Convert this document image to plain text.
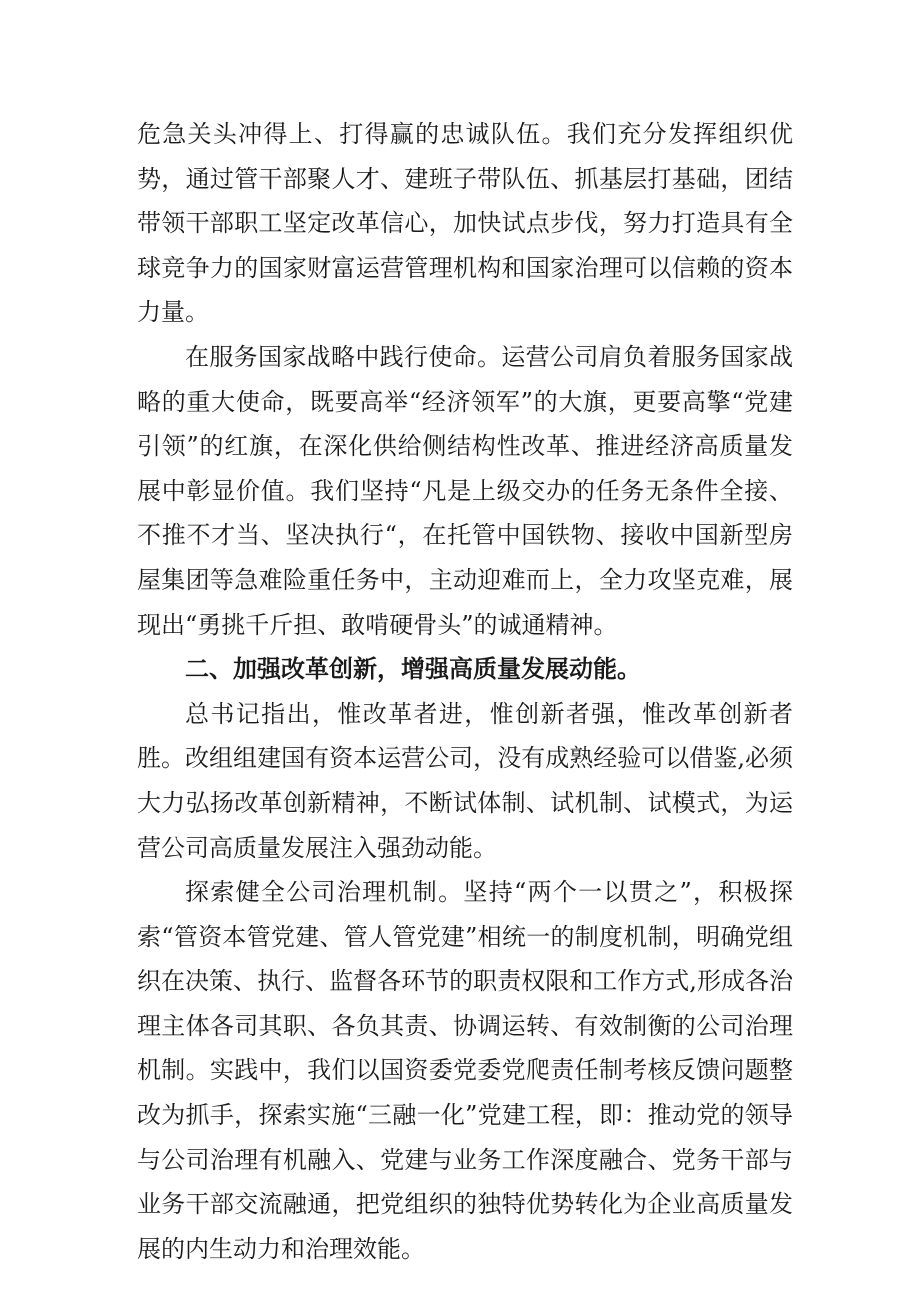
危急关头冲得上、打得赢的忠诚队伍。我们充分发挥组织优势，通过管干部聚人才、建班子带队伍、抓基层打基础，团结带领干部职工坚定改革信心，加快试点步伐，努力打造具有全球竞争力的国家财富运营管理机构和国家治理可以信赖的资本力量。

在服务国家战略中践行使命。运营公司肩负着服务国家战略的重大使命，既要高举“经济领军”的大旗，更要高擎“党建引领”的红旗，在深化供给侧结构性改革、推进经济高质量发展中彰显价值。我们坚持“凡是上级交办的任务无条件全接、不推不才当、坚决执行“，在托管中国铁物、接收中国新型房屋集团等急难险重任务中，主动迎难而上，全力攻坚克难，展现出“勇挑千斤担、敢啃硬骨头”的诚通精神。

二、加强改革创新，增强高质量发展动能。

总书记指出，惟改革者进，惟创新者强，惟改革创新者胜。改组组建国有资本运营公司，没有成熟经验可以借鉴,必须大力弘扬改革创新精神，不断试体制、试机制、试模式，为运营公司高质量发展注入强劲动能。

探索健全公司治理机制。坚持“两个一以贯之”，积极探索“管资本管党建、管人管党建”相统一的制度机制，明确党组织在决策、执行、监督各环节的职责权限和工作方式,形成各治理主体各司其职、各负其责、协调运转、有效制衡的公司治理机制。实践中，我们以国资委党委党爬责任制考核反馈问题整改为抓手，探索实施“三融一化”党建工程，即：推动党的领导与公司治理有机融入、党建与业务工作深度融合、党务干部与业务干部交流融通，把党组织的独特优势转化为企业高质量发展的内生动力和治理效能。
